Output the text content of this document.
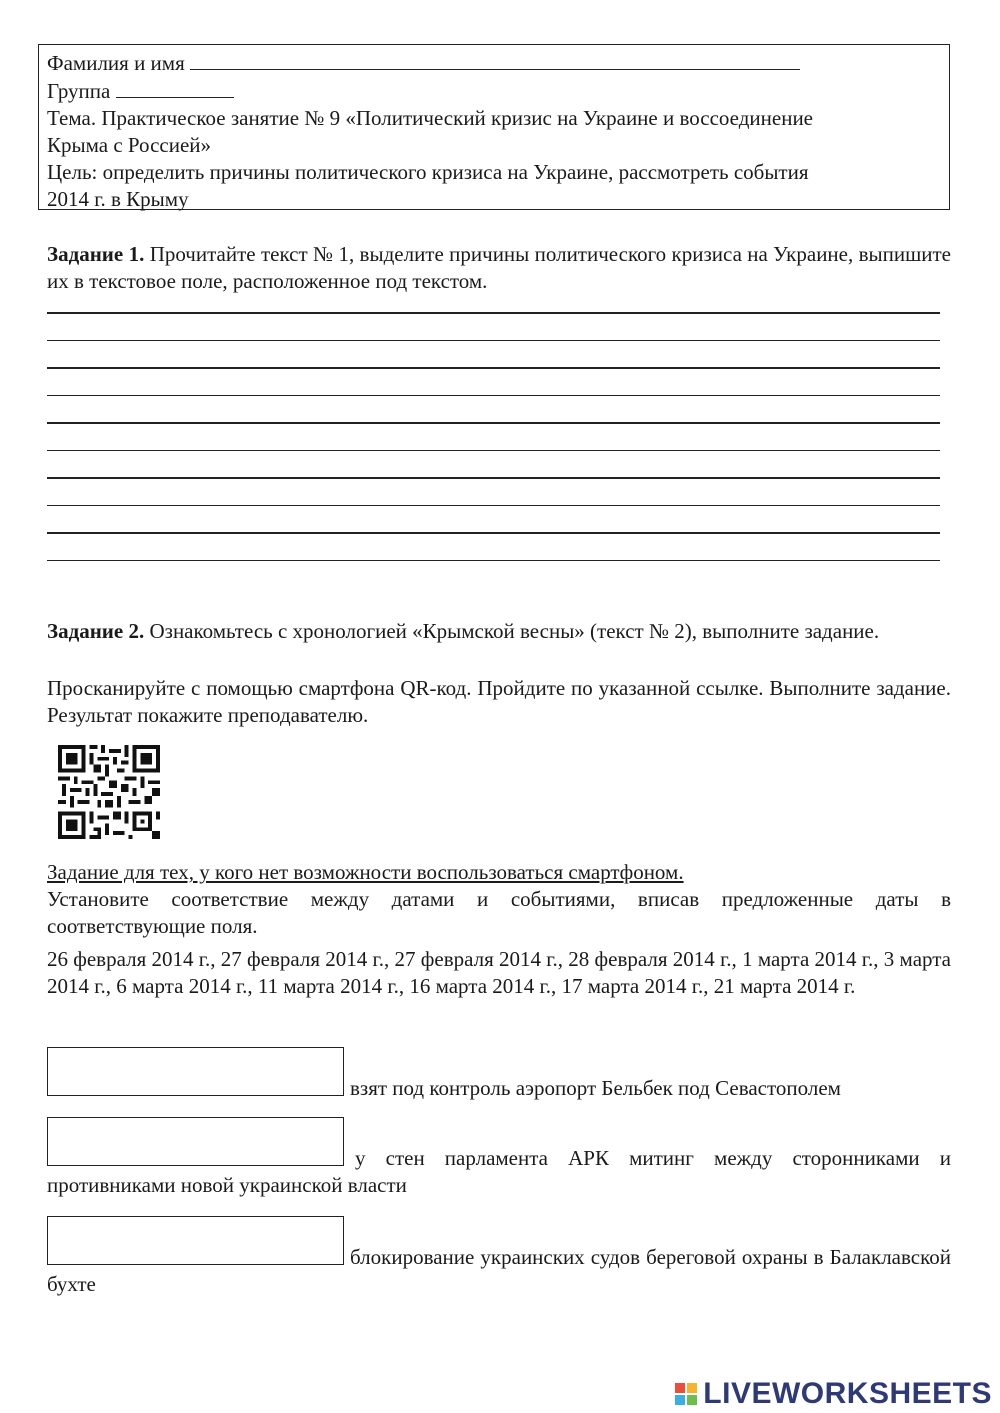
Фамилия и имя
Группа
Тема. Практическое занятие № 9 «Политический кризис на Украине и воссоединение
Крыма с Россией»
Цель: определить причины политического кризиса на Украине, рассмотреть события
2014 г. в Крыму
Задание 1. Прочитайте текст № 1, выделите причины политического кризиса на Украине, выпишите их в текстовое поле, расположенное под текстом.
Задание 2. Ознакомьтесь с хронологией «Крымской весны» (текст № 2), выполните задание.
Просканируйте с помощью смартфона QR-код. Пройдите по указанной ссылке. Выполните задание. Результат покажите преподавателю.
Задание для тех, у кого нет возможности воспользоваться смартфоном.
Установите соответствие между датами и событиями, вписав предложенные даты в соответствующие поля.
26 февраля 2014 г., 27 февраля 2014 г., 27 февраля 2014 г., 28 февраля 2014 г., 1 марта 2014 г., 3 марта 2014 г., 6 марта 2014 г., 11 марта 2014 г., 16 марта 2014 г., 17 марта 2014 г., 21 марта 2014 г.
взят под контроль аэропорт Бельбек под Севастополем
у стен парламента АРК митинг между сторонниками и противниками новой украинской власти
блокирование украинских судов береговой охраны в Балаклавской бухте
LIVEWORKSHEETS
